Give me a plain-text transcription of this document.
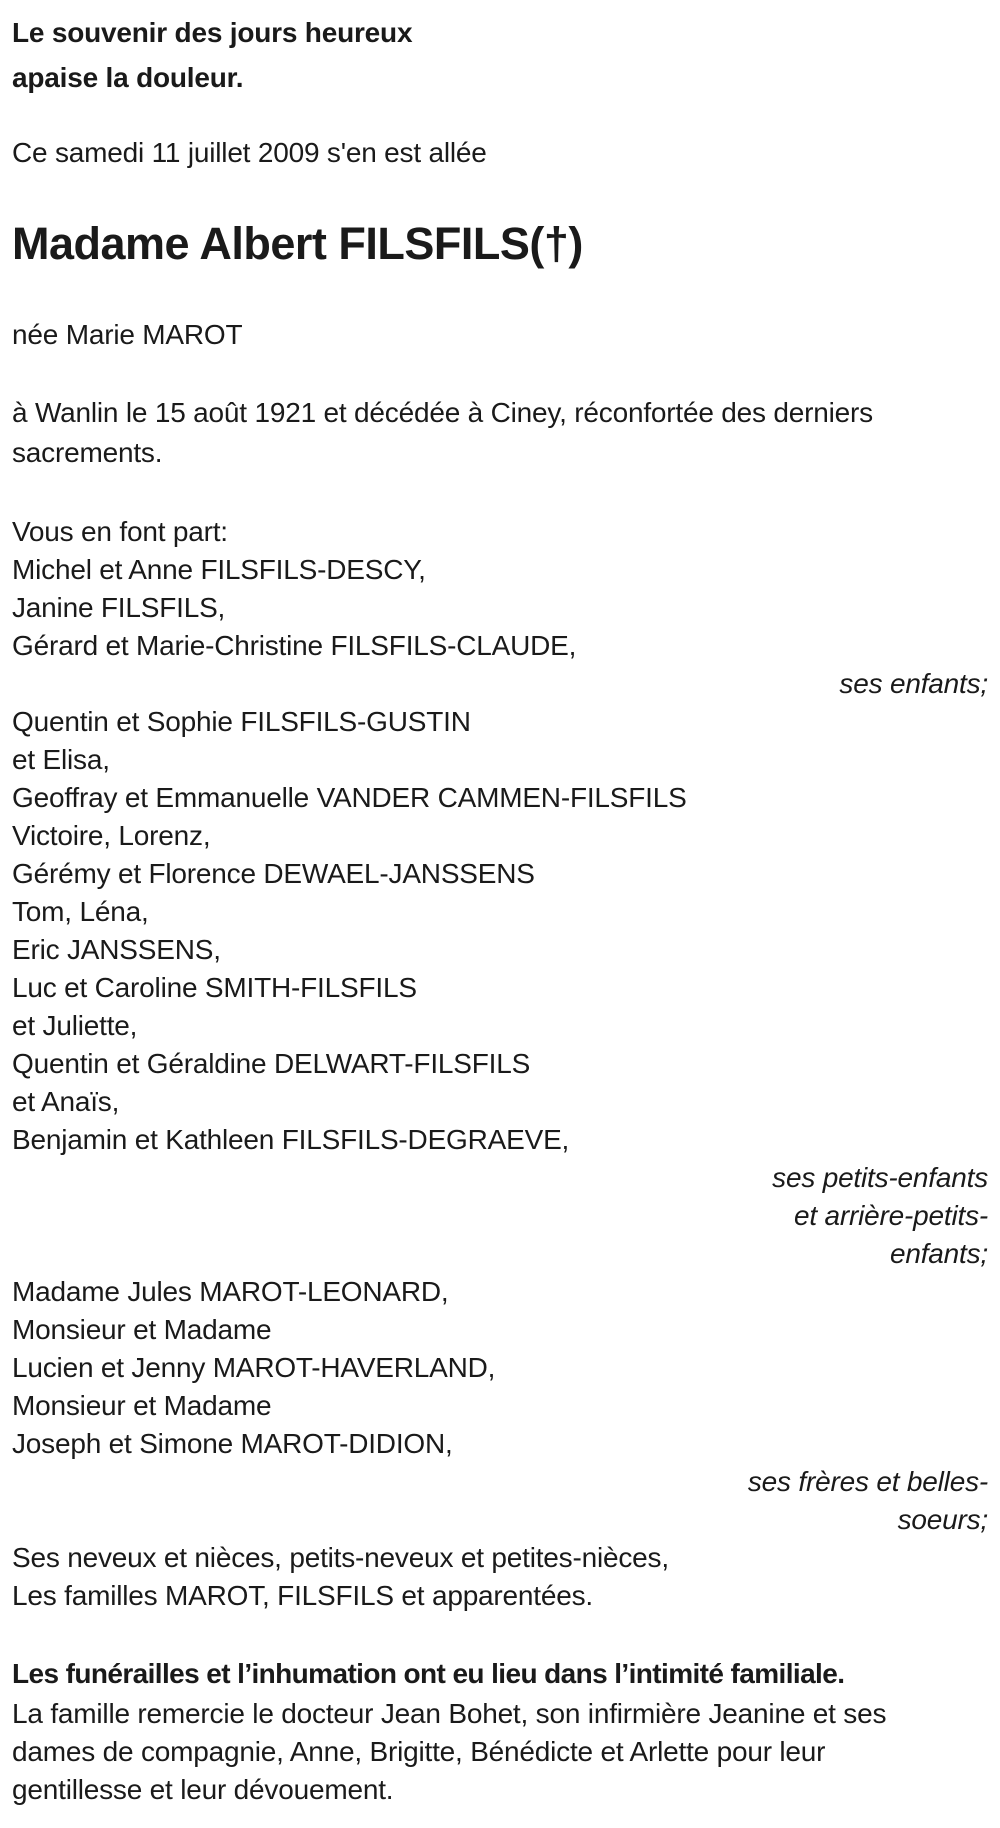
Le souvenir des jours heureux
apaise la douleur.
Ce samedi 11 juillet 2009 s'en est allée
Madame Albert FILSFILS(†)
née Marie MAROT
à Wanlin le 15 août 1921 et décédée à Ciney, réconfortée des derniers
sacrements.
Vous en font part:
Michel et Anne FILSFILS-DESCY,
Janine FILSFILS,
Gérard et Marie-Christine FILSFILS-CLAUDE,
ses enfants;
Quentin et Sophie FILSFILS-GUSTIN
et Elisa,
Geoffray et Emmanuelle VANDER CAMMEN-FILSFILS
Victoire, Lorenz,
Gérémy et Florence DEWAEL-JANSSENS
Tom, Léna,
Eric JANSSENS,
Luc et Caroline SMITH-FILSFILS
et Juliette,
Quentin et Géraldine DELWART-FILSFILS
et Anaïs,
Benjamin et Kathleen FILSFILS-DEGRAEVE,
ses petits-enfants
et arrière-petits-
enfants;
Madame Jules MAROT-LEONARD,
Monsieur et Madame
Lucien et Jenny MAROT-HAVERLAND,
Monsieur et Madame
Joseph et Simone MAROT-DIDION,
ses frères et belles-
soeurs;
Ses neveux et nièces, petits-neveux et petites-nièces,
Les familles MAROT, FILSFILS et apparentées.
Les funérailles et l’inhumation ont eu lieu dans l’intimité familiale.
La famille remercie le docteur Jean Bohet, son infirmière Jeanine et ses
dames de compagnie, Anne, Brigitte, Bénédicte et Arlette pour leur
gentillesse et leur dévouement.
